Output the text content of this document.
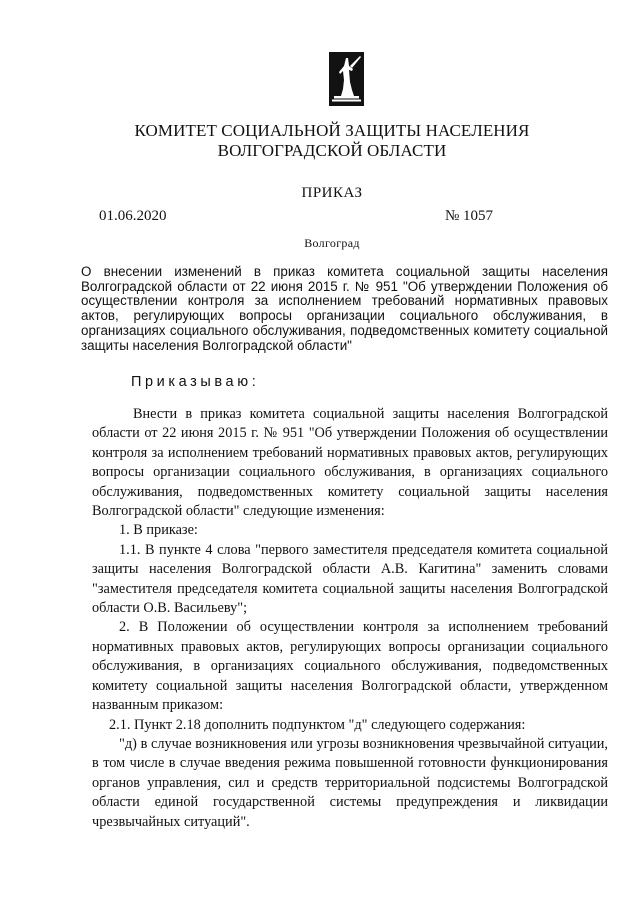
КОМИТЕТ СОЦИАЛЬНОЙ ЗАЩИТЫ НАСЕЛЕНИЯ
ВОЛГОГРАДСКОЙ ОБЛАСТИ
ПРИКАЗ
01.06.2020	№ 1057
Волгоград
О внесении изменений в приказ комитета социальной защиты населения Волгоградской области от 22 июня 2015 г. № 951 "Об утверждении Положения об осуществлении контроля за исполнением требований нормативных правовых актов, регулирующих вопросы организации социального обслуживания, в организациях социального обслуживания, подведомственных комитету социальной защиты населения Волгоградской области"
Приказываю:

Внести в приказ комитета социальной защиты населения Волгоградской области от 22 июня 2015 г. № 951 "Об утверждении Положения об осуществлении контроля за исполнением требований нормативных правовых актов, регулирующих вопросы организации социального обслуживания, в организациях социального обслуживания, подведомственных комитету социальной защиты населения Волгоградской области" следующие изменения:

1. В приказе:

1.1. В пункте 4 слова "первого заместителя председателя комитета социальной защиты населения Волгоградской области А.В. Кагитина" заменить словами "заместителя председателя комитета социальной защиты населения Волгоградской области О.В. Васильеву";

2. В Положении об осуществлении контроля за исполнением требований нормативных правовых актов, регулирующих вопросы организации социального обслуживания, в организациях социального обслуживания, подведомственных комитету социальной защиты населения Волгоградской области, утвержденном названным приказом:

2.1. Пункт 2.18 дополнить подпунктом "д" следующего содержания:

"д) в случае возникновения или угрозы возникновения чрезвычайной ситуации, в том числе в случае введения режима повышенной готовности функционирования органов управления, сил и средств территориальной подсистемы Волгоградской области единой государственной системы предупреждения и ликвидации чрезвычайных ситуаций".
